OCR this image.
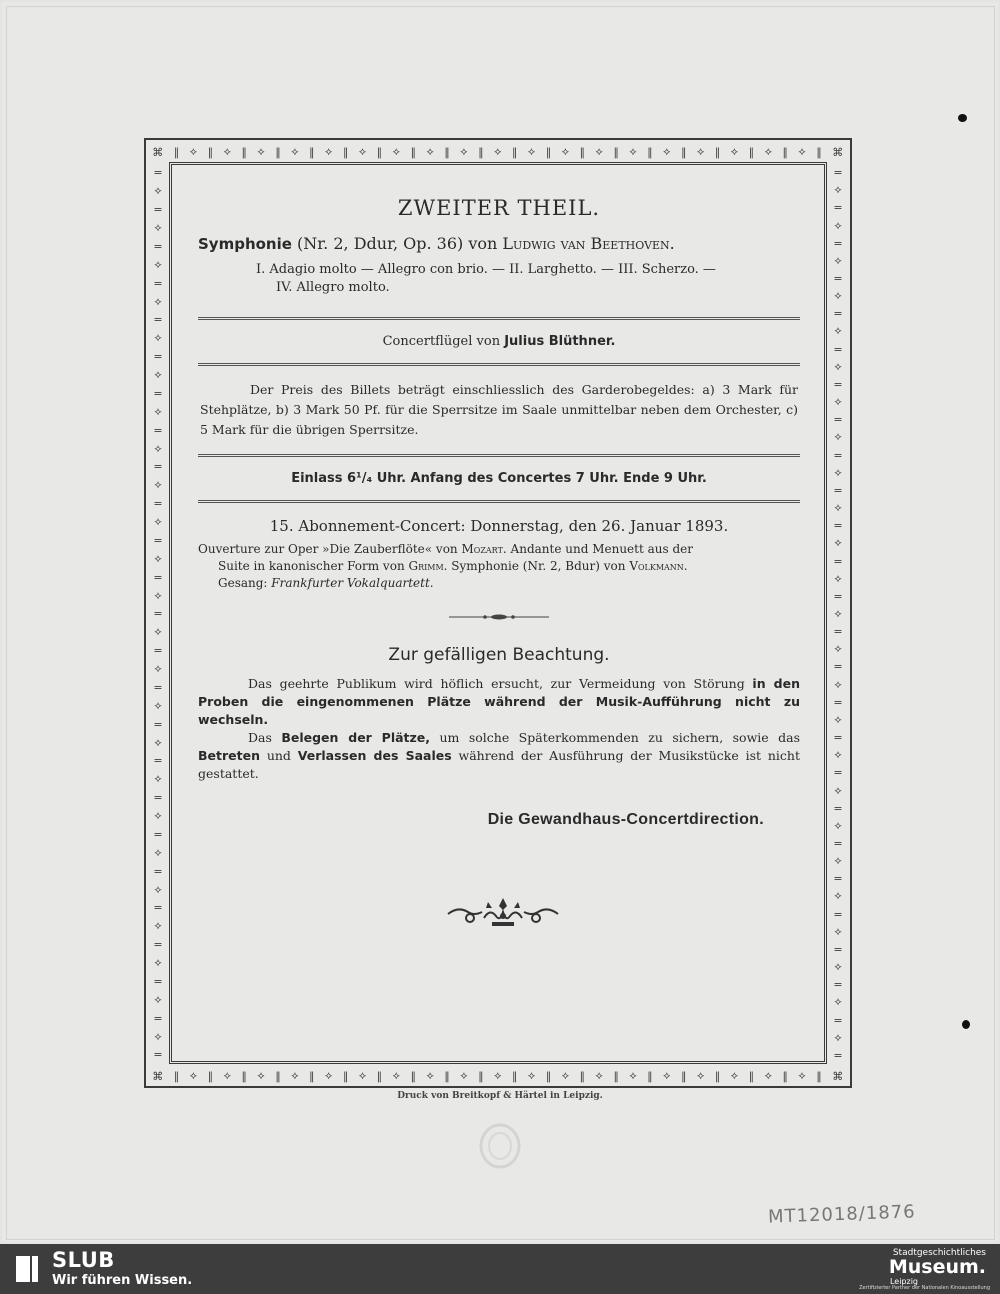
⌘ ∥ ⟡ ∥ ⟡ ∥ ⟡ ∥ ⟡ ∥ ⟡ ∥ ⟡ ∥ ⟡ ∥ ⟡ ∥ ⟡ ∥ ⟡ ∥ ⟡ ∥ ⟡ ∥ ⟡ ∥ ⟡ ∥ ⟡ ∥ ⟡ ∥ ⟡ ∥ ⟡ ∥ ⟡ ∥ ⌘
⌘ ∥ ⟡ ∥ ⟡ ∥ ⟡ ∥ ⟡ ∥ ⟡ ∥ ⟡ ∥ ⟡ ∥ ⟡ ∥ ⟡ ∥ ⟡ ∥ ⟡ ∥ ⟡ ∥ ⟡ ∥ ⟡ ∥ ⟡ ∥ ⟡ ∥ ⟡ ∥ ⟡ ∥ ⟡ ∥ ⌘
=
⟡
=
⟡
=
⟡
=
⟡
=
⟡
=
⟡
=
⟡
=
⟡
=
⟡
=
⟡
=
⟡
=
⟡
=
⟡
=
⟡
=
⟡
=
⟡
=
⟡
=
⟡
=
⟡
=
⟡
=
⟡
=
⟡
=
⟡
=
⟡
=
=
⟡
=
⟡
=
⟡
=
⟡
=
⟡
=
⟡
=
⟡
=
⟡
=
⟡
=
⟡
=
⟡
=
⟡
=
⟡
=
⟡
=
⟡
=
⟡
=
⟡
=
⟡
=
⟡
=
⟡
=
⟡
=
⟡
=
⟡
=
⟡
=
⟡
=
ZWEITER THEIL.
Symphonie (Nr. 2, Ddur, Op. 36) von Ludwig van Beethoven.
I. Adagio molto — Allegro con brio. — II. Larghetto. — III. Scherzo. —
IV. Allegro molto.
Concertflügel von Julius Blüthner.
Der Preis des Billets beträgt einschliesslich des Garderobegeldes: a) 3 Mark für Stehplätze, b) 3 Mark 50 Pf. für die Sperrsitze im Saale unmittelbar neben dem Orchester, c) 5 Mark für die übrigen Sperrsitze.
Einlass 6¹/₄ Uhr. Anfang des Concertes 7 Uhr. Ende 9 Uhr.
15. Abonnement-Concert: Donnerstag, den 26. Januar 1893.
Ouverture zur Oper »Die Zauberflöte« von Mozart. Andante und Menuett aus der
Suite in kanonischer Form von Grimm. Symphonie (Nr. 2, Bdur) von Volkmann.
Gesang: Frankfurter Vokalquartett.
Zur gefälligen Beachtung.

Das geehrte Publikum wird höflich ersucht, zur Vermeidung von Störung in den Proben die eingenommenen Plätze während der Musik-Aufführung nicht zu wechseln.

Das Belegen der Plätze, um solche Späterkommenden zu sichern, sowie das Betreten und Verlassen des Saales während der Ausführung der Musikstücke ist nicht gestattet.

Die Gewandhaus-Concertdirection.
Druck von Breitkopf & Härtel in Leipzig.
MT12018/1876
SLUB
Wir führen Wissen.
Stadtgeschichtliches
Museum.
Leipzig
Zertifizierter Partner der Nationalen Kinoausstellung
